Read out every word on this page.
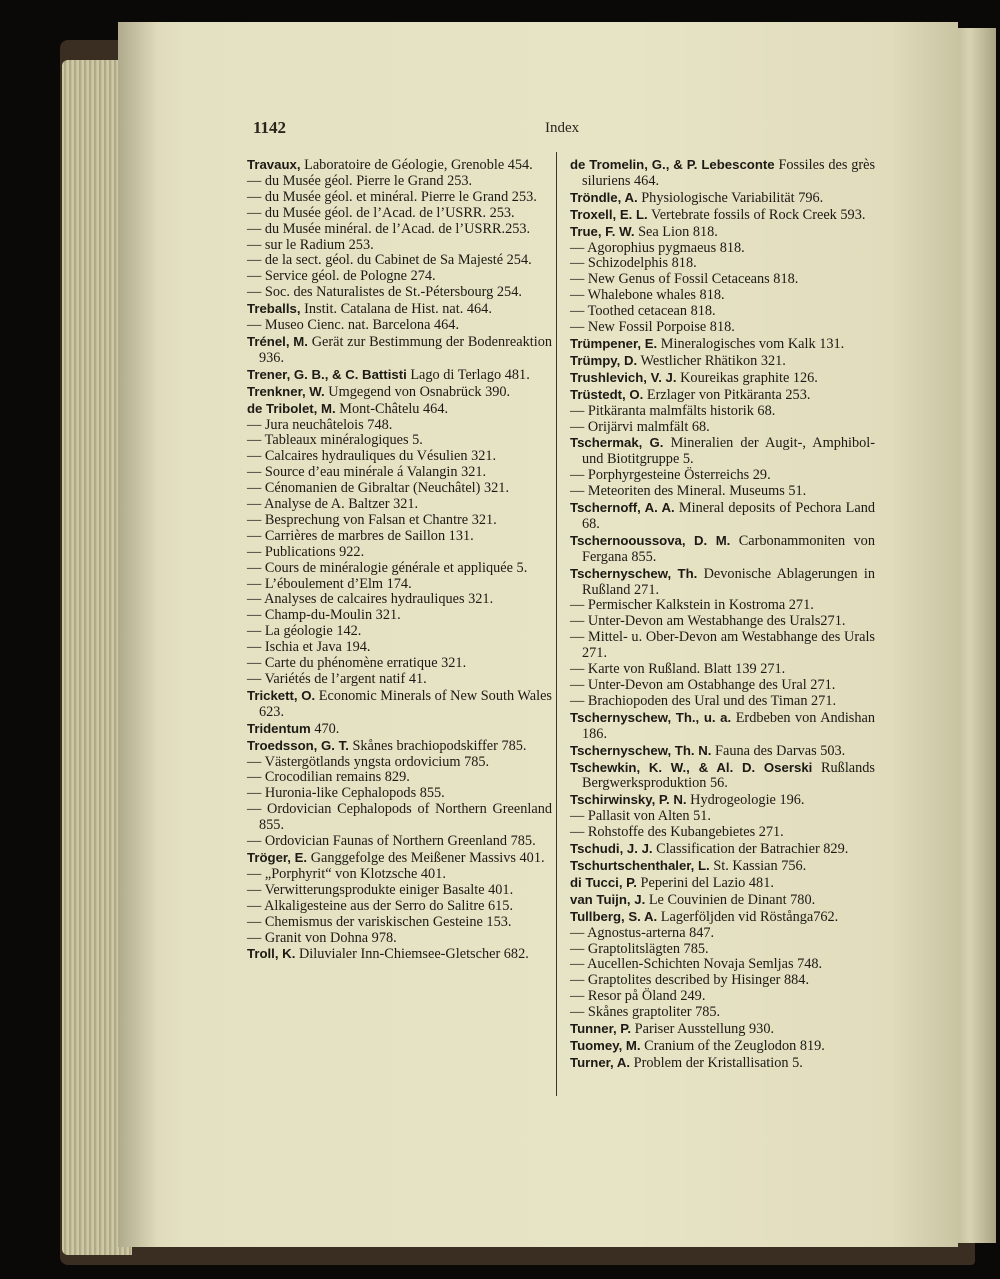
1142	Index

Travaux, Laboratoire de Géologie, Grenoble 454.

— du Musée géol. Pierre le Grand 253.

— du Musée géol. et minéral. Pierre le Grand 253.

— du Musée géol. de l’Acad. de l’USRR. 253.

— du Musée minéral. de l’Acad. de l’USRR.253.

— sur le Radium 253.

— de la sect. géol. du Cabinet de Sa Majesté 254.

— Service géol. de Pologne 274.

— Soc. des Naturalistes de St.-Pétersbourg 254.

Treballs, Instit. Catalana de Hist. nat. 464.

— Museo Cienc. nat. Barcelona 464.

Trénel, M. Gerät zur Bestimmung der Bodenreaktion 936.

Trener, G. B., & C. Battisti Lago di Terlago 481.

Trenkner, W. Umgegend von Osnabrück 390.

de Tribolet, M. Mont-Châtelu 464.

— Jura neuchâtelois 748.

— Tableaux minéralogiques 5.

— Calcaires hydrauliques du Vésulien 321.

— Source d’eau minérale á Valangin 321.

— Cénomanien de Gibraltar (Neuchâtel) 321.

— Analyse de A. Baltzer 321.

— Besprechung von Falsan et Chantre 321.

— Carrières de marbres de Saillon 131.

— Publications 922.

— Cours de minéralogie générale et appliquée 5.

— L’éboulement d’Elm 174.

— Analyses de calcaires hydrauliques 321.

— Champ-du-Moulin 321.

— La géologie 142.

— Ischia et Java 194.

— Carte du phénomène erratique 321.

— Variétés de l’argent natif 41.

Trickett, O. Economic Minerals of New South Wales 623.

Tridentum 470.

Troedsson, G. T. Skånes brachiopodskiffer 785.

— Västergötlands yngsta ordovicium 785.

— Crocodilian remains 829.

— Huronia-like Cephalopods 855.

— Ordovician Cephalopods of Northern Greenland 855.

— Ordovician Faunas of Northern Greenland 785.

Tröger, E. Ganggefolge des Meißener Massivs 401.

— „Porphyrit“ von Klotzsche 401.

— Verwitterungsprodukte einiger Basalte 401.

— Alkaligesteine aus der Serro do Salitre 615.

— Chemismus der variskischen Gesteine 153.

— Granit von Dohna 978.

Troll, K. Diluvialer Inn-Chiemsee-Gletscher 682.

de Tromelin, G., & P. Lebesconte Fossiles des grès siluriens 464.

Tröndle, A. Physiologische Variabilität 796.

Troxell, E. L. Vertebrate fossils of Rock Creek 593.

True, F. W. Sea Lion 818.

— Agorophius pygmaeus 818.

— Schizodelphis 818.

— New Genus of Fossil Cetaceans 818.

— Whalebone whales 818.

— Toothed cetacean 818.

— New Fossil Porpoise 818.

Trümpener, E. Mineralogisches vom Kalk 131.

Trümpy, D. Westlicher Rhätikon 321.

Trushlevich, V. J. Koureikas graphite 126.

Trüstedt, O. Erzlager von Pitkäranta 253.

— Pitkäranta malmfälts historik 68.

— Orijärvi malmfält 68.

Tschermak, G. Mineralien der Augit-, Amphibol- und Biotitgruppe 5.

— Porphyrgesteine Österreichs 29.

— Meteoriten des Mineral. Museums 51.

Tschernoff, A. A. Mineral deposits of Pechora Land 68.

Tschernooussova, D. M. Carbonammoniten von Fergana 855.

Tschernyschew, Th. Devonische Ablagerungen in Rußland 271.

— Permischer Kalkstein in Kostroma 271.

— Unter-Devon am Westabhange des Urals271.

— Mittel- u. Ober-Devon am Westabhange des Urals 271.

— Karte von Rußland. Blatt 139 271.

— Unter-Devon am Ostabhange des Ural 271.

— Brachiopoden des Ural und des Timan 271.

Tschernyschew, Th., u. a. Erdbeben von Andishan 186.

Tschernyschew, Th. N. Fauna des Darvas 503.

Tschewkin, K. W., & Al. D. Oserski Rußlands Bergwerksproduktion 56.

Tschirwinsky, P. N. Hydrogeologie 196.

— Pallasit von Alten 51.

— Rohstoffe des Kubangebietes 271.

Tschudi, J. J. Classification der Batrachier 829.

Tschurtschenthaler, L. St. Kassian 756.

di Tucci, P. Peperini del Lazio 481.

van Tuijn, J. Le Couvinien de Dinant 780.

Tullberg, S. A. Lagerföljden vid Röstånga762.

— Agnostus-arterna 847.

— Graptolitslägten 785.

— Aucellen-Schichten Novaja Semljas 748.

— Graptolites described by Hisinger 884.

— Resor på Öland 249.

— Skånes graptoliter 785.

Tunner, P. Pariser Ausstellung 930.

Tuomey, M. Cranium of the Zeuglodon 819.

Turner, A. Problem der Kristallisation 5.
